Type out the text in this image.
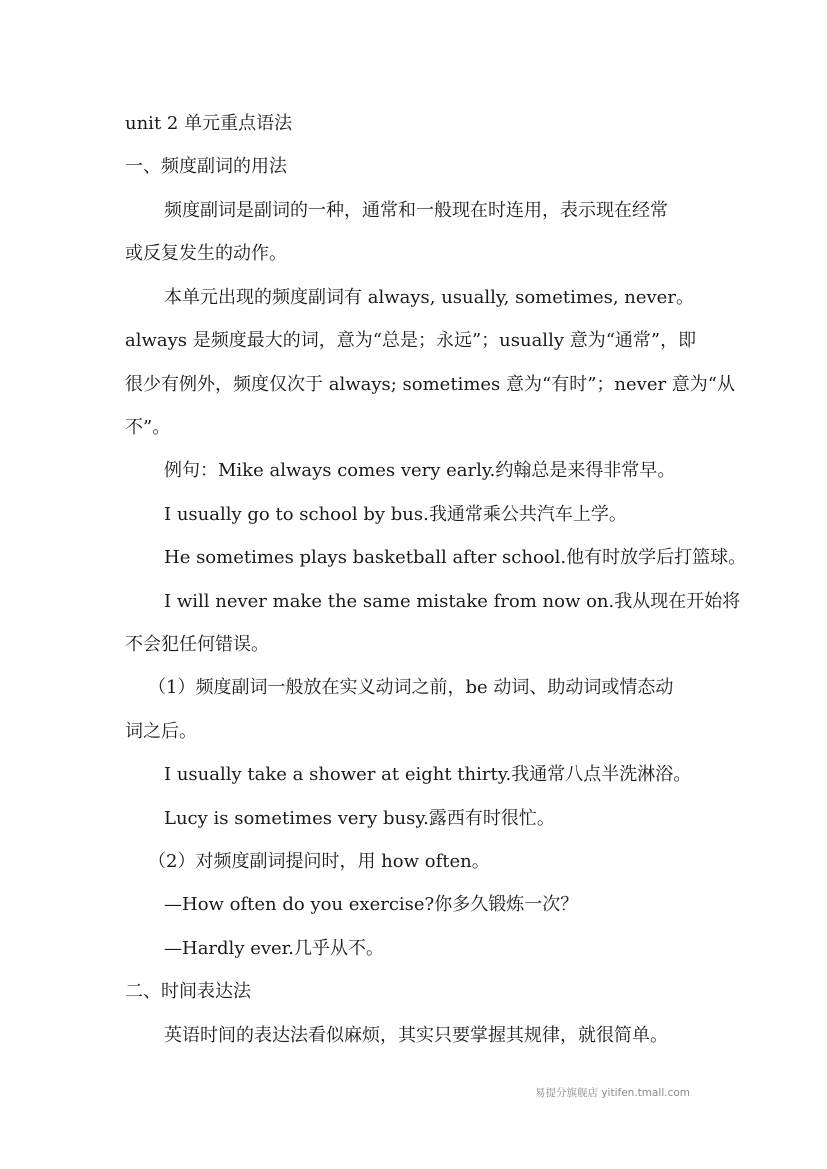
unit 2 单元重点语法
一、频度副词的用法
频度副词是副词的一种，通常和一般现在时连用，表示现在经常
或反复发生的动作。
本单元出现的频度副词有 always, usually, sometimes, never。
always 是频度最大的词，意为“总是；永远”；usually 意为“通常”，即
很少有例外，频度仅次于 always; sometimes 意为“有时”；never 意为“从
不”。
例句：Mike always comes very early.约翰总是来得非常早。
I usually go to school by bus.我通常乘公共汽车上学。
He sometimes plays basketball after school.他有时放学后打篮球。
I will never make the same mistake from now on.我从现在开始将
不会犯任何错误。
（1）频度副词一般放在实义动词之前，be 动词、助动词或情态动
词之后。
I usually take a shower at eight thirty.我通常八点半洗淋浴。
Lucy is sometimes very busy.露西有时很忙。
（2）对频度副词提问时，用 how often。
—How often do you exercise?你多久锻炼一次？
—Hardly ever.几乎从不。
二、时间表达法
英语时间的表达法看似麻烦，其实只要掌握其规律，就很简单。
易提分旗舰店 yitifen.tmall.com
